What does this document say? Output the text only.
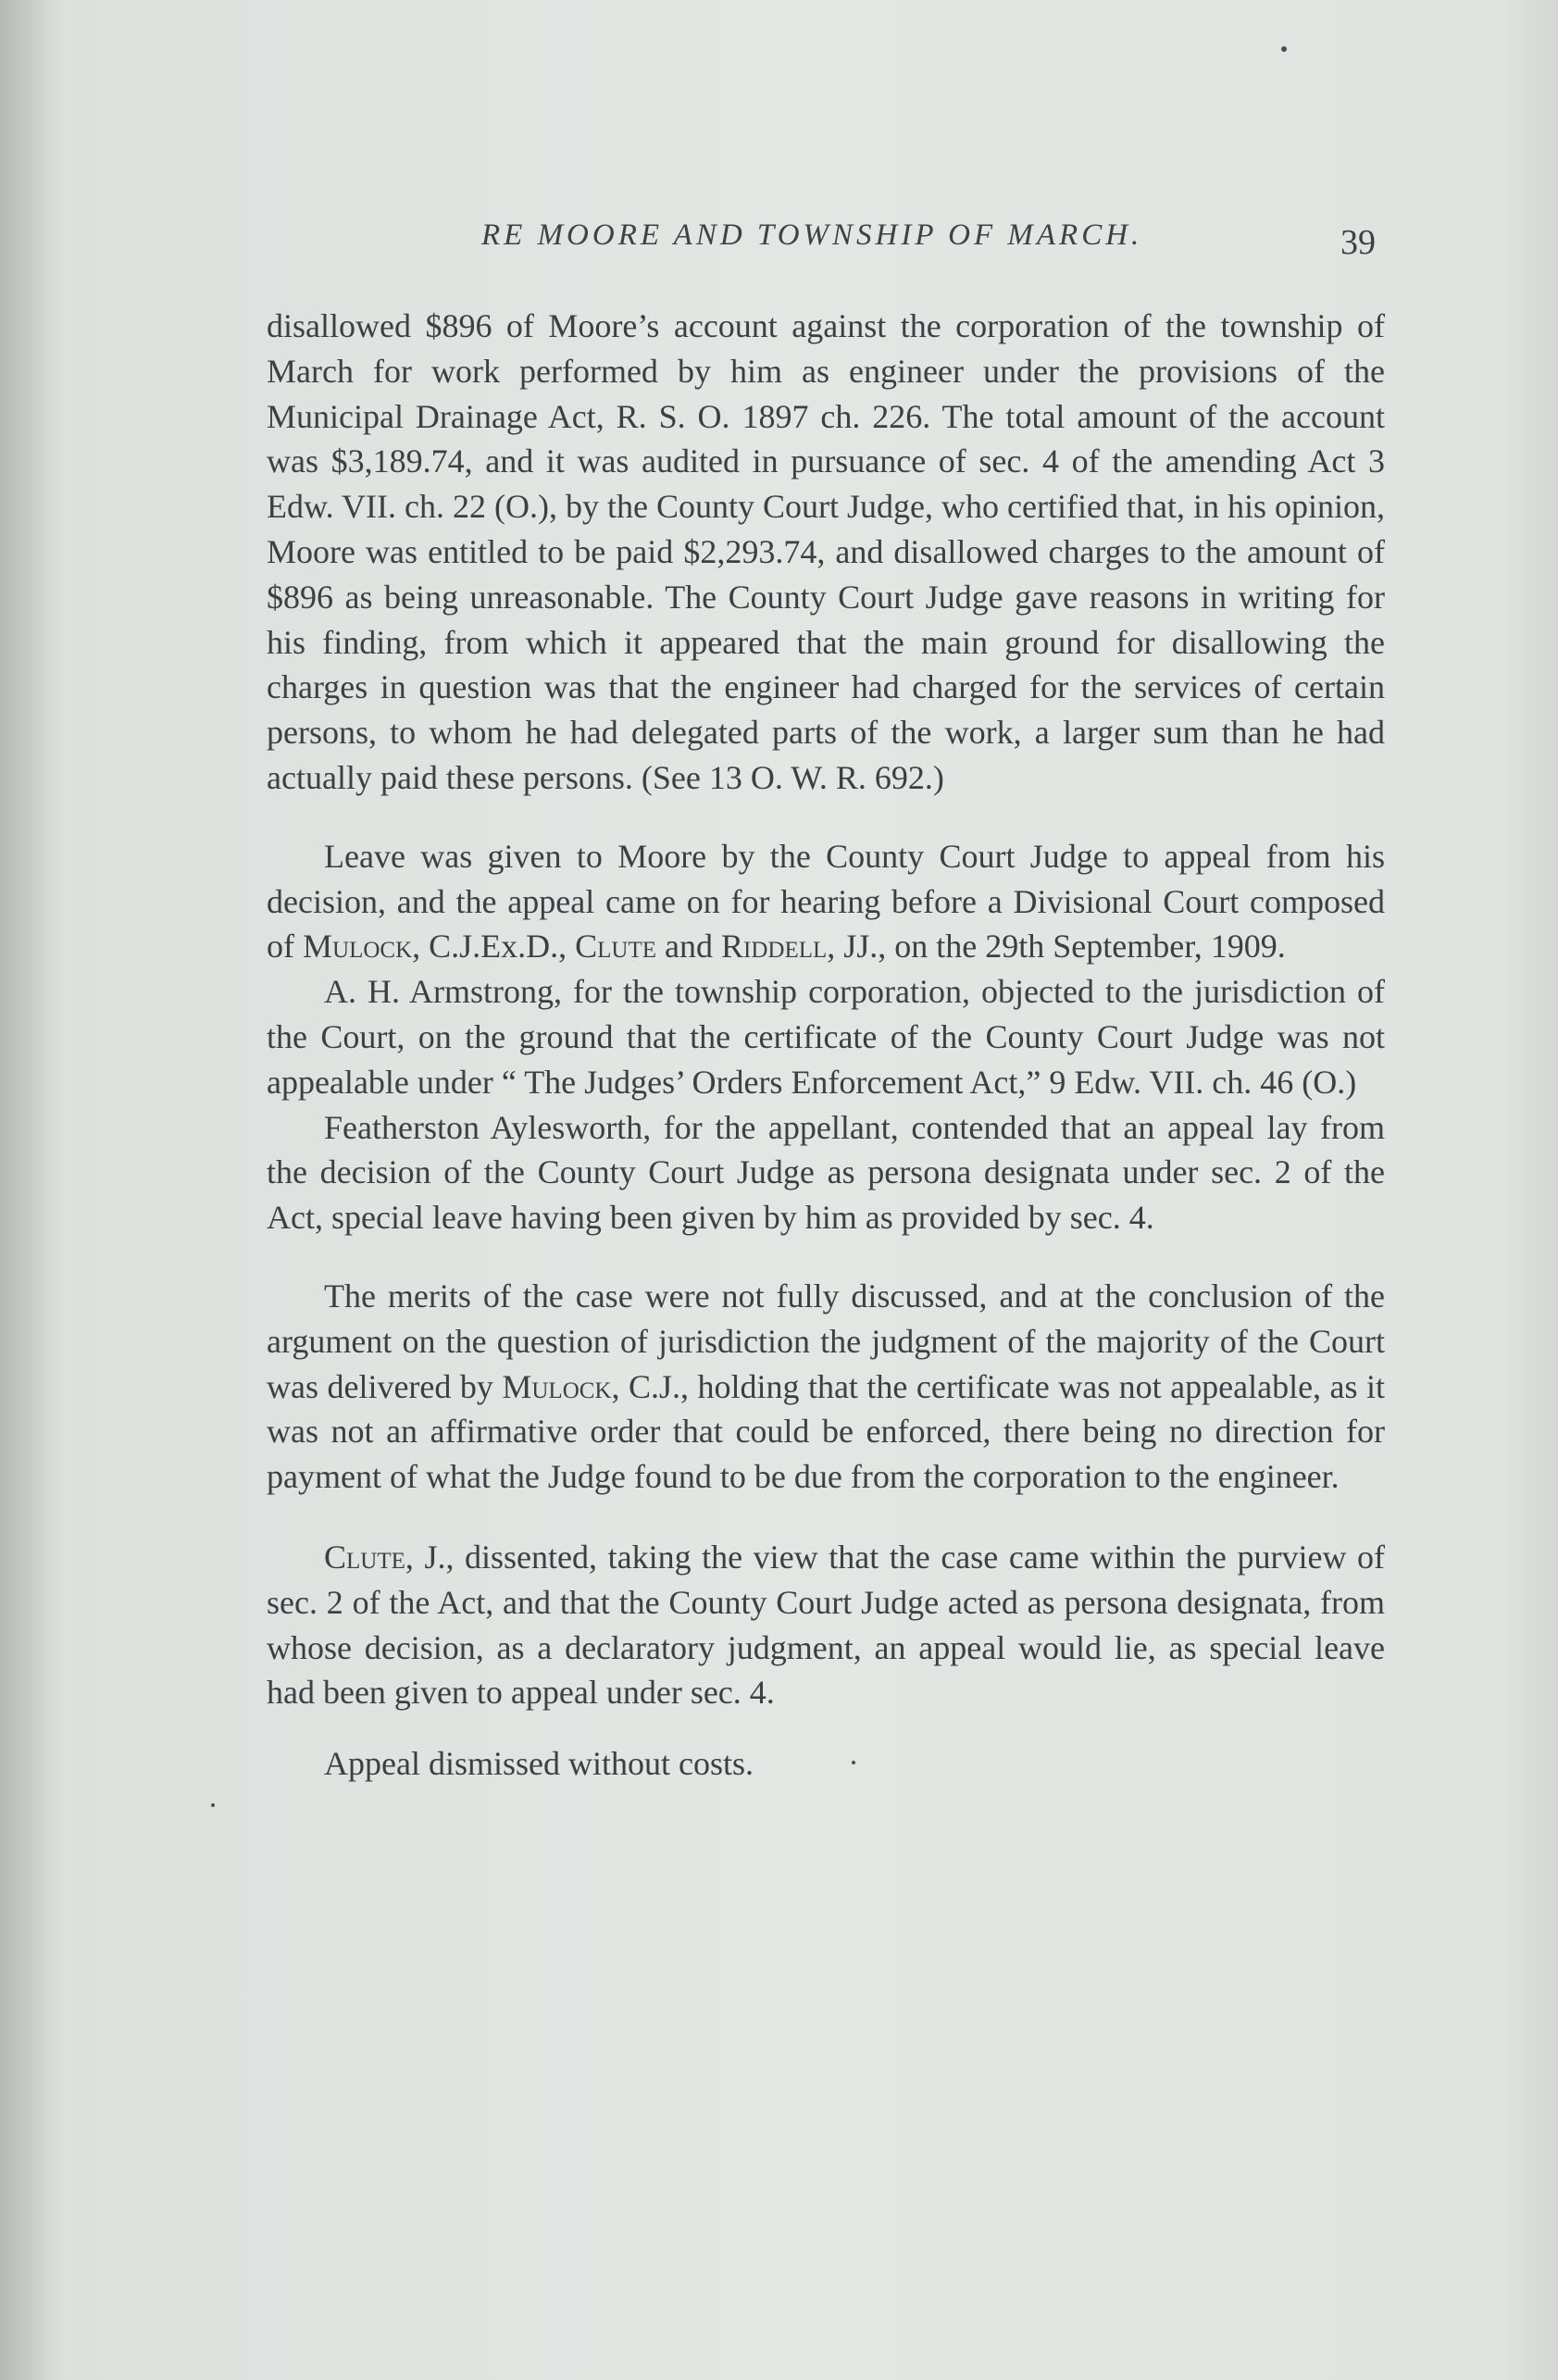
RE MOORE AND TOWNSHIP OF MARCH.	39

disallowed $896 of Moore’s account against the corporation of the township of March for work performed by him as engineer under the provisions of the Municipal Drainage Act, R. S. O. 1897 ch. 226. The total amount of the account was $3,189.74, and it was audited in pursuance of sec. 4 of the amending Act 3 Edw. VII. ch. 22 (O.), by the County Court Judge, who certified that, in his opinion, Moore was entitled to be paid $2,293.74, and disallowed charges to the amount of $896 as being unreasonable. The County Court Judge gave reasons in writing for his finding, from which it appeared that the main ground for disallowing the charges in question was that the engineer had charged for the services of certain persons, to whom he had delegated parts of the work, a larger sum than he had actually paid these persons. (See 13 O. W. R. 692.)

Leave was given to Moore by the County Court Judge to appeal from his decision, and the appeal came on for hearing before a Divisional Court composed of Mulock, C.J.Ex.D., Clute and Riddell, JJ., on the 29th September, 1909.

A. H. Armstrong, for the township corporation, objected to the jurisdiction of the Court, on the ground that the certificate of the County Court Judge was not appealable under “ The Judges’ Orders Enforcement Act,” 9 Edw. VII. ch. 46 (O.)

Featherston Aylesworth, for the appellant, contended that an appeal lay from the decision of the County Court Judge as persona designata under sec. 2 of the Act, special leave having been given by him as provided by sec. 4.

The merits of the case were not fully discussed, and at the conclusion of the argument on the question of jurisdiction the judgment of the majority of the Court was delivered by Mulock, C.J., holding that the certificate was not appealable, as it was not an affirmative order that could be enforced, there being no direction for payment of what the Judge found to be due from the corporation to the engineer.

Clute, J., dissented, taking the view that the case came within the purview of sec. 2 of the Act, and that the County Court Judge acted as persona designata, from whose decision, as a declaratory judgment, an appeal would lie, as special leave had been given to appeal under sec. 4.

Appeal dismissed without costs.
